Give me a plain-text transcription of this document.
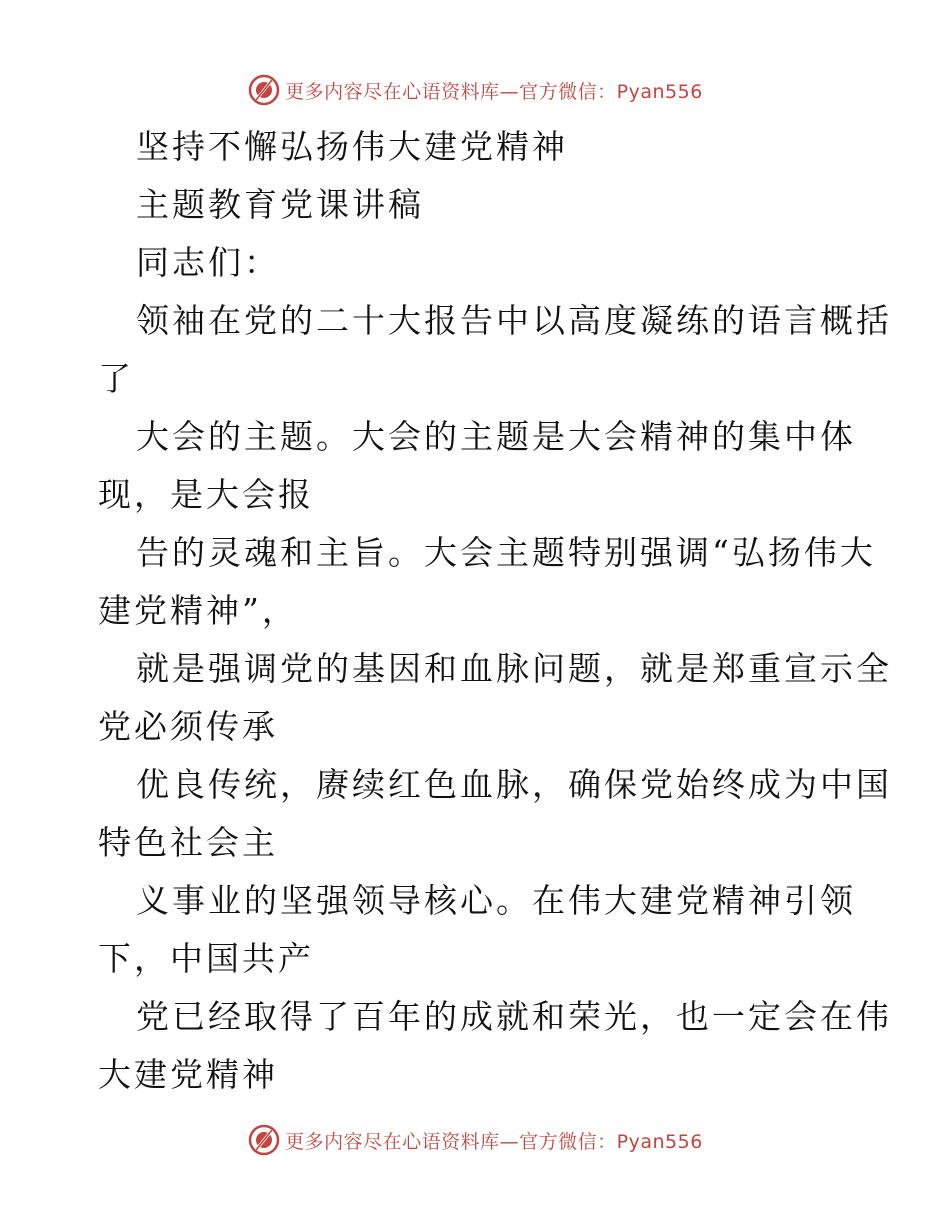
更多内容尽在心语资料库—官方微信：Pyan556
坚持不懈弘扬伟大建党精神
主题教育党课讲稿
同志们：
领袖在党的二十大报告中以高度凝练的语言概括
了
大会的主题。大会的主题是大会精神的集中体
现，是大会报
告的灵魂和主旨。大会主题特别强调“弘扬伟大
建党精神”，
就是强调党的基因和血脉问题，就是郑重宣示全
党必须传承
优良传统，赓续红色血脉，确保党始终成为中国
特色社会主
义事业的坚强领导核心。在伟大建党精神引领
下，中国共产
党已经取得了百年的成就和荣光，也一定会在伟
大建党精神
更多内容尽在心语资料库—官方微信：Pyan556
